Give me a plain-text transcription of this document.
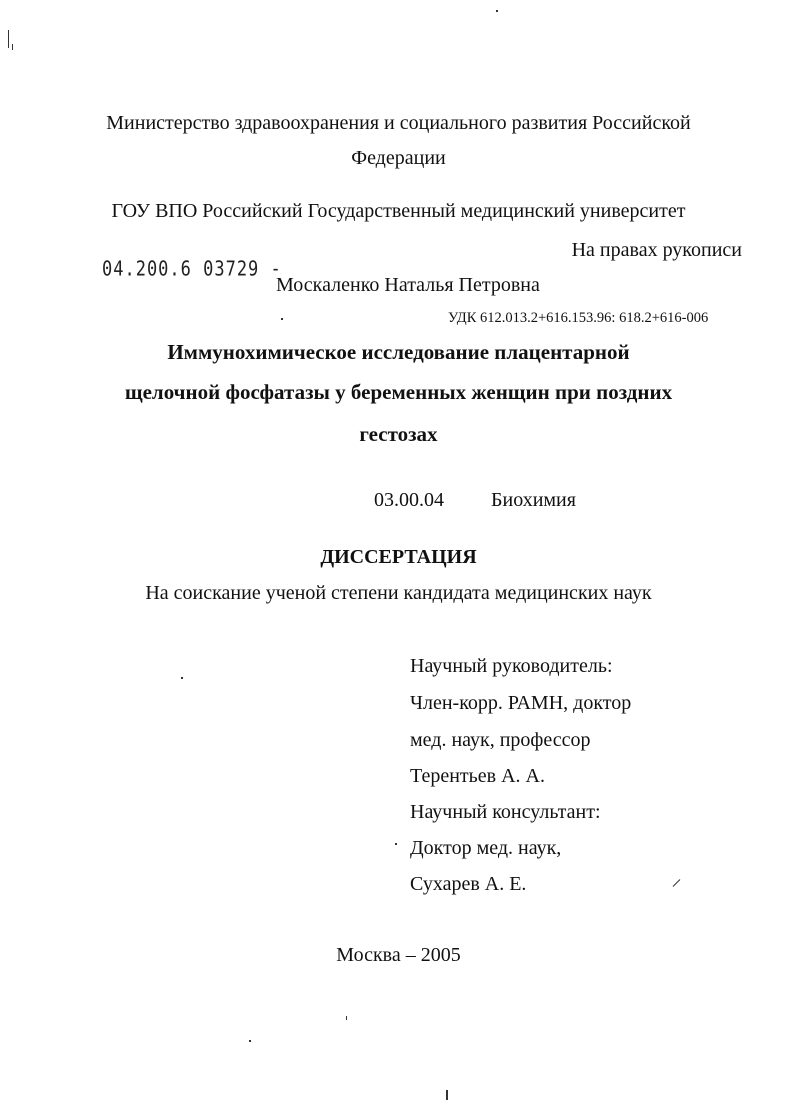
Министерство здравоохранения и социального развития Российской
Федерации
ГОУ ВПО Российский Государственный медицинский университет
На правах рукописи
04.200.6 03729 -
Москаленко Наталья Петровна
УДК 612.013.2+616.153.96: 618.2+616-006
Иммунохимическое исследование плацентарной
щелочной фосфатазы у беременных женщин при поздних
гестозах
03.00.04 Биохимия
ДИССЕРТАЦИЯ
На соискание ученой степени кандидата медицинских наук
Научный руководитель:
Член-корр. РАМН, доктор
мед. наук, профессор
Терентьев А. А.
Научный консультант:
Доктор мед. наук,
Сухарев А. Е.
Москва – 2005
